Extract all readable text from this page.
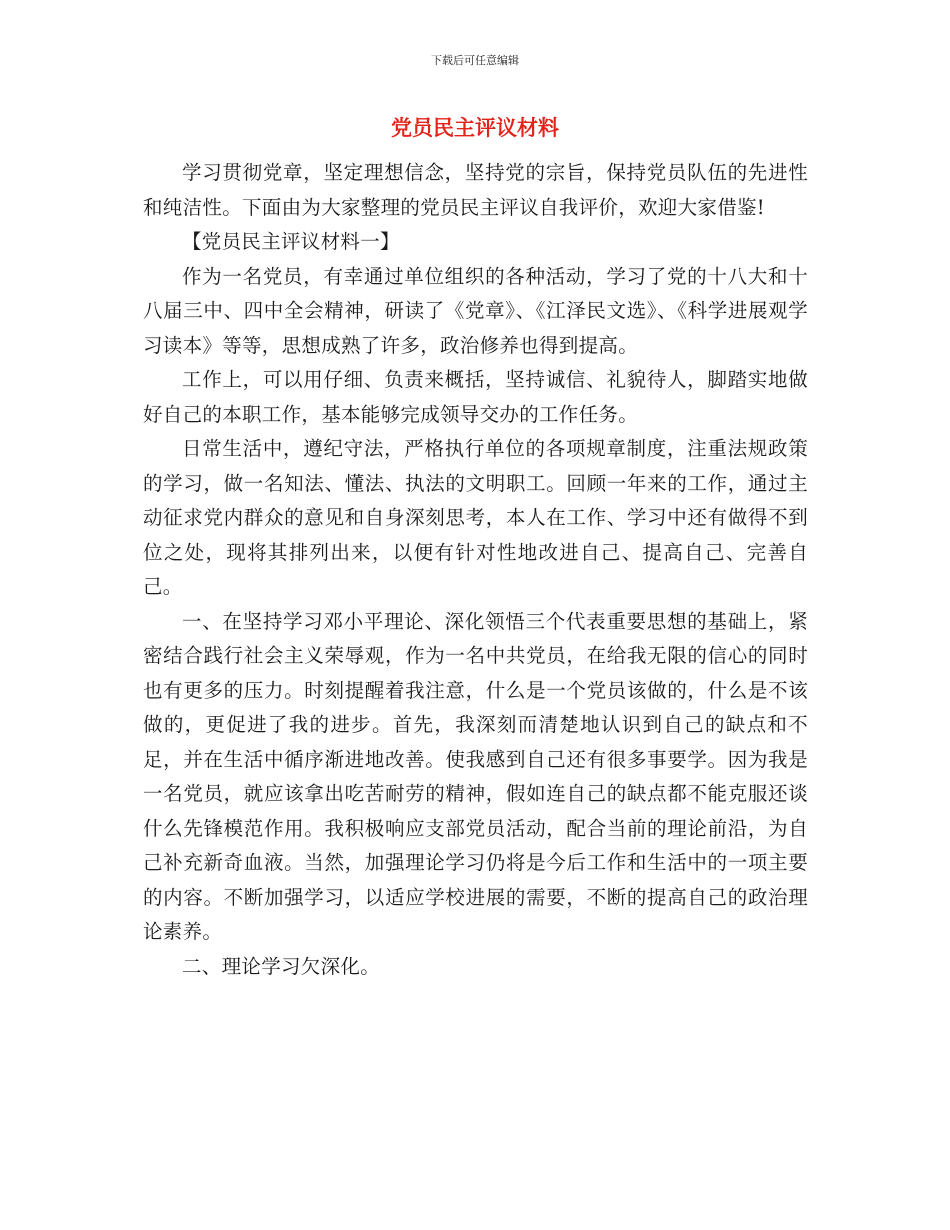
下载后可任意编辑
党员民主评议材料

学习贯彻党章，坚定理想信念，坚持党的宗旨，保持党员队伍的先进性和纯洁性。下面由为大家整理的党员民主评议自我评价，欢迎大家借鉴!

【党员民主评议材料一】

作为一名党员，有幸通过单位组织的各种活动，学习了党的十八大和十八届三中、四中全会精神，研读了《党章》、《江泽民文选》、《科学进展观学习读本》等等，思想成熟了许多，政治修养也得到提高。

工作上，可以用仔细、负责来概括，坚持诚信、礼貌待人，脚踏实地做好自己的本职工作，基本能够完成领导交办的工作任务。

日常生活中，遵纪守法，严格执行单位的各项规章制度，注重法规政策的学习，做一名知法、懂法、执法的文明职工。回顾一年来的工作，通过主动征求党内群众的意见和自身深刻思考，本人在工作、学习中还有做得不到位之处，现将其排列出来，以便有针对性地改进自己、提高自己、完善自己。

一、在坚持学习邓小平理论、深化领悟三个代表重要思想的基础上，紧密结合践行社会主义荣辱观，作为一名中共党员，在给我无限的信心的同时也有更多的压力。时刻提醒着我注意，什么是一个党员该做的，什么是不该做的，更促进了我的进步。首先，我深刻而清楚地认识到自己的缺点和不足，并在生活中循序渐进地改善。使我感到自己还有很多事要学。因为我是一名党员，就应该拿出吃苦耐劳的精神，假如连自己的缺点都不能克服还谈什么先锋模范作用。我积极响应支部党员活动，配合当前的理论前沿，为自己补充新奇血液。当然，加强理论学习仍将是今后工作和生活中的一项主要的内容。不断加强学习，以适应学校进展的需要，不断的提高自己的政治理论素养。

二、理论学习欠深化。
